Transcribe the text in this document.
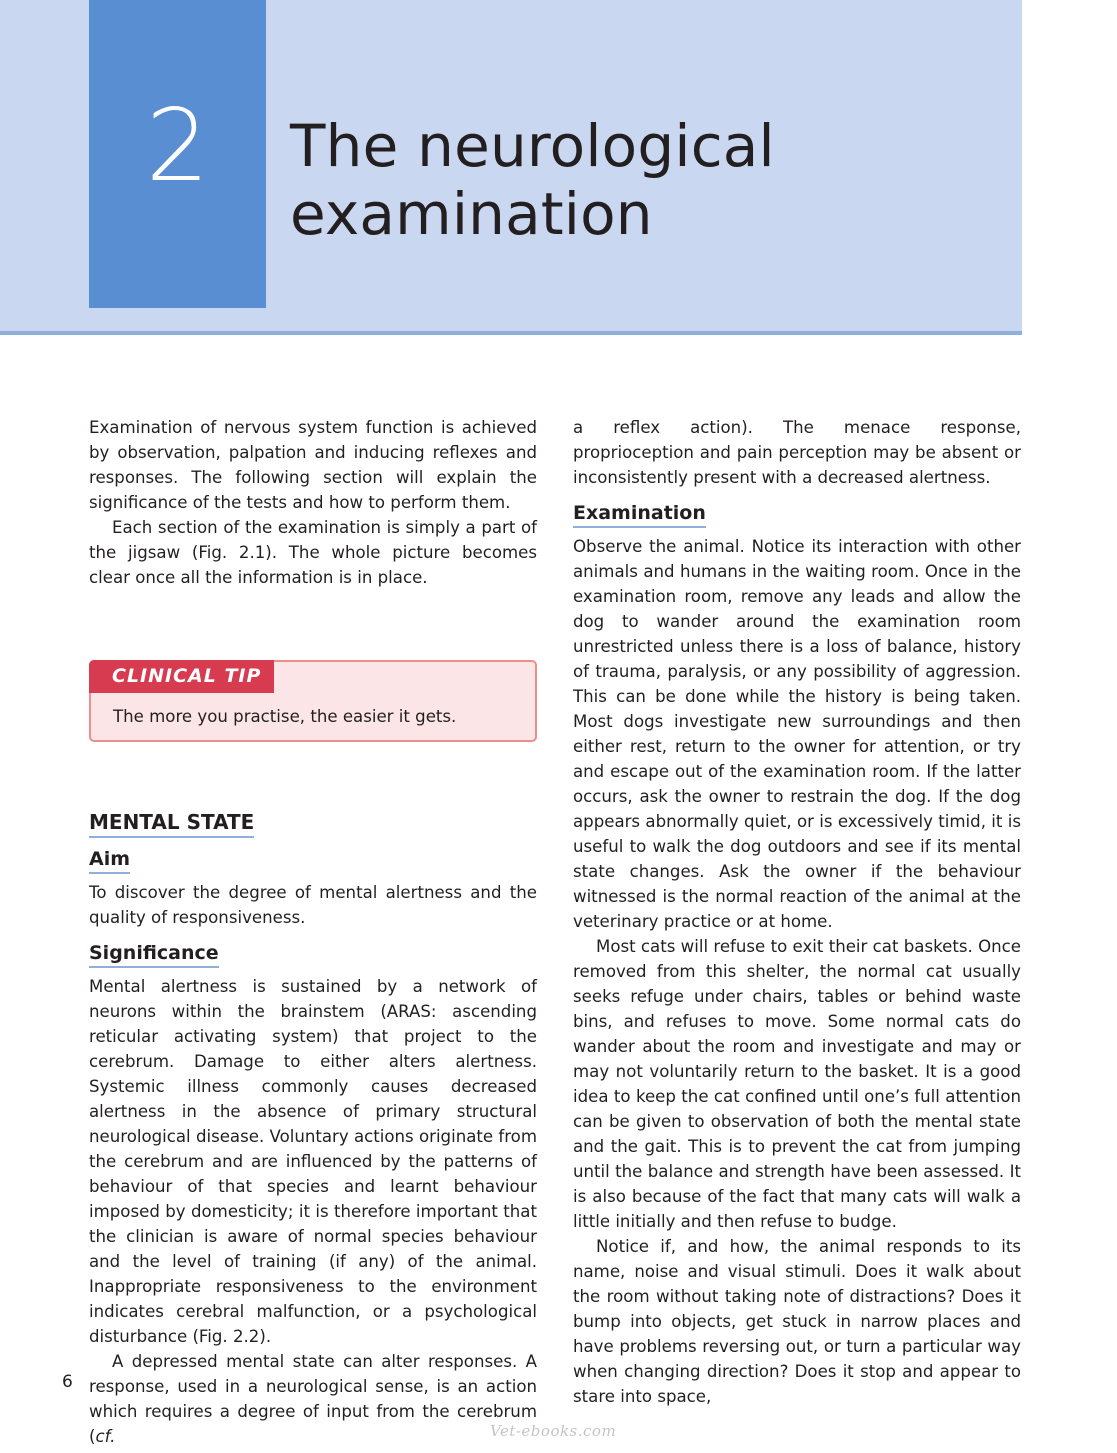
2	The neurological
examination

Examination of nervous system function is achieved by observation, palpation and inducing reflexes and responses. The following section will explain the significance of the tests and how to perform them.

Each section of the examination is simply a part of the jigsaw (Fig. 2.1). The whole picture becomes clear once all the information is in place.

CLINICAL TIP
The more you practise, the easier it gets.
MENTAL STATE
Aim

To discover the degree of mental alertness and the quality of responsiveness.

Significance

Mental alertness is sustained by a network of neurons within the brainstem (ARAS: ascending reticular activating system) that project to the cerebrum. Damage to either alters alertness. Systemic illness commonly causes decreased alertness in the absence of primary structural neurological disease. Voluntary actions originate from the cerebrum and are influenced by the patterns of behaviour of that species and learnt behaviour imposed by domesticity; it is therefore important that the clinician is aware of normal species behaviour and the level of training (if any) of the animal. Inappropriate responsiveness to the environment indicates cerebral malfunction, or a psychological disturbance (Fig. 2.2).

A depressed mental state can alter responses. A response, used in a neurological sense, is an action which requires a degree of input from the cerebrum (cf.

a reflex action). The menace response, proprioception and pain perception may be absent or inconsistently present with a decreased alertness.

Examination

Observe the animal. Notice its interaction with other animals and humans in the waiting room. Once in the examination room, remove any leads and allow the dog to wander around the examination room unrestricted unless there is a loss of balance, history of trauma, paralysis, or any possibility of aggression. This can be done while the history is being taken. Most dogs investigate new surroundings and then either rest, return to the owner for attention, or try and escape out of the examination room. If the latter occurs, ask the owner to restrain the dog. If the dog appears abnormally quiet, or is excessively timid, it is useful to walk the dog outdoors and see if its mental state changes. Ask the owner if the behaviour witnessed is the normal reaction of the animal at the veterinary practice or at home.

Most cats will refuse to exit their cat baskets. Once removed from this shelter, the normal cat usually seeks refuge under chairs, tables or behind waste bins, and refuses to move. Some normal cats do wander about the room and investigate and may or may not voluntarily return to the basket. It is a good idea to keep the cat confined until one’s full attention can be given to observation of both the mental state and the gait. This is to prevent the cat from jumping until the balance and strength have been assessed. It is also because of the fact that many cats will walk a little initially and then refuse to budge.

Notice if, and how, the animal responds to its name, noise and visual stimuli. Does it walk about the room without taking note of distractions? Does it bump into objects, get stuck in narrow places and have problems reversing out, or turn a particular way when changing direction? Does it stop and appear to stare into space,

6
Vet-ebooks.com
